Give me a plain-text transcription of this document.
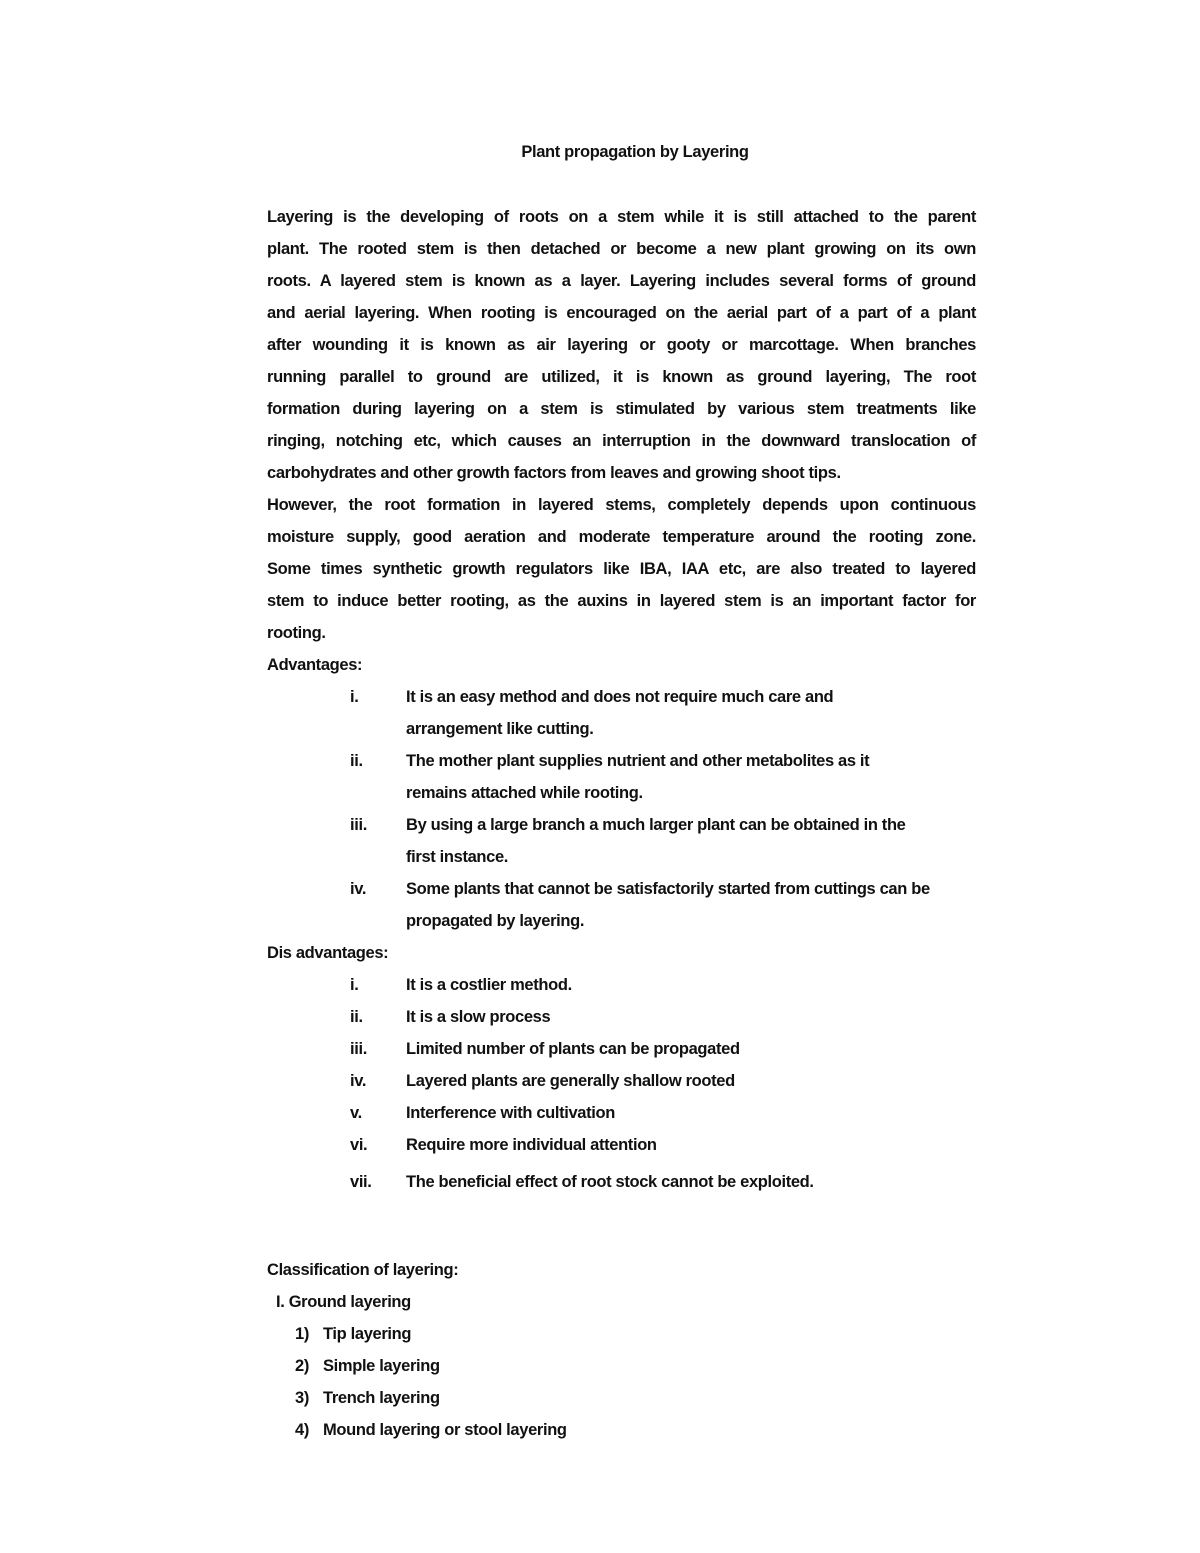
Plant propagation by Layering
Layering is the developing of roots on a stem while it is still attached to the parent
plant. The rooted stem is then detached or become a new plant growing on its own
roots. A layered stem is known as a layer. Layering includes several forms of ground
and aerial layering. When rooting is encouraged on the aerial part of a part of a plant
after wounding it is known as air layering or gooty or marcottage. When branches
running parallel to ground are utilized, it is known as ground layering, The root
formation during layering on a stem is stimulated by various stem treatments like
ringing, notching etc, which causes an interruption in the downward translocation of
carbohydrates and other growth factors from leaves and growing shoot tips.
However, the root formation in layered stems, completely depends upon continuous
moisture supply, good aeration and moderate temperature around the rooting zone.
Some times synthetic growth regulators like IBA, IAA etc, are also treated to layered
stem to induce better rooting, as the auxins in layered stem is an important factor for
rooting.
Advantages:
i.	It is an easy method and does not require much care and
arrangement like cutting.
ii.	The mother plant supplies nutrient and other metabolites as it
remains attached while rooting.
iii.	By using a large branch a much larger plant can be obtained in the
first instance.
iv.	Some plants that cannot be satisfactorily started from cuttings can be
propagated by layering.
Dis advantages:
i.	It is a costlier method.
ii.	It is a slow process
iii.	Limited number of plants can be propagated
iv.	Layered plants are generally shallow rooted
v.	Interference with cultivation
vi.	Require more individual attention
vii.	The beneficial effect of root stock cannot be exploited.
Classification of layering:
I. Ground layering
1) Tip layering
2) Simple layering
3) Trench layering
4) Mound layering or stool layering
